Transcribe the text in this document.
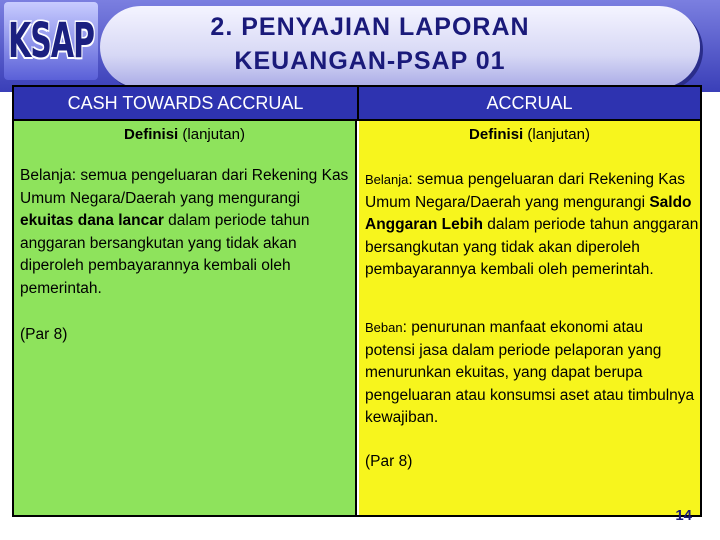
KSAP	2. PENYAJIAN LAPORAN
KEUANGAN-PSAP 01
CASH TOWARDS ACCRUAL	ACCRUAL
Definisi (lanjutan)

Belanja: semua pengeluaran dari Rekening Kas Umum Negara/Daerah yang mengurangi ekuitas dana lancar dalam periode tahun anggaran bersangkutan yang tidak akan diperoleh pembayarannya kembali oleh pemerintah.

(Par 8)

Definisi (lanjutan)

Belanja: semua pengeluaran dari Rekening Kas Umum Negara/Daerah yang mengurangi Saldo Anggaran Lebih dalam periode tahun anggaran bersangkutan yang tidak akan diperoleh pembayarannya kembali oleh pemerintah.

Beban: penurunan manfaat ekonomi atau potensi jasa dalam periode pelaporan yang menurunkan ekuitas, yang dapat berupa pengeluaran atau konsumsi aset atau timbulnya kewajiban.

(Par 8)

14
